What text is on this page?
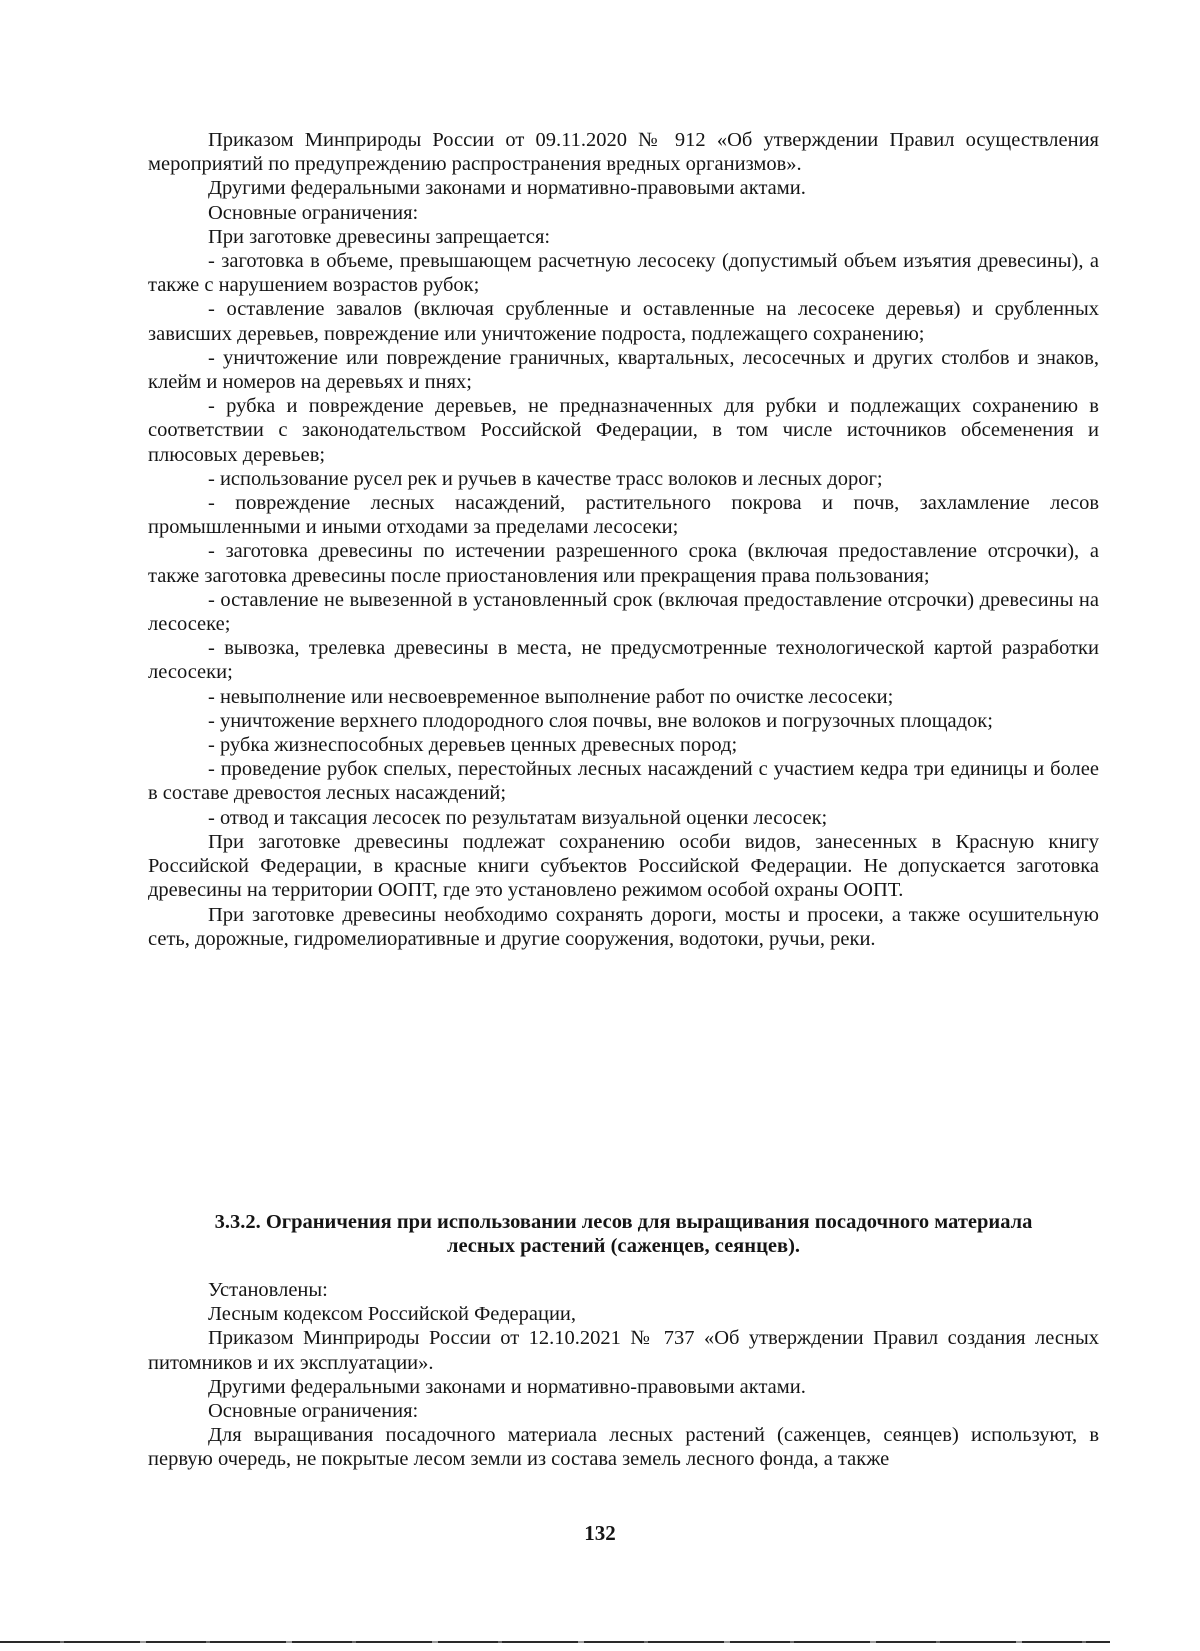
Приказом Минприроды России от 09.11.2020 № 912 «Об утверждении Правил осуществления мероприятий по предупреждению распространения вредных организмов».

Другими федеральными законами и нормативно-правовыми актами.

Основные ограничения:

При заготовке древесины запрещается:

- заготовка в объеме, превышающем расчетную лесосеку (допустимый объем изъятия древесины), а также с нарушением возрастов рубок;

- оставление завалов (включая срубленные и оставленные на лесосеке деревья) и срубленных зависших деревьев, повреждение или уничтожение подроста, подлежащего сохранению;

- уничтожение или повреждение граничных, квартальных, лесосечных и других столбов и знаков, клейм и номеров на деревьях и пнях;

- рубка и повреждение деревьев, не предназначенных для рубки и подлежащих сохранению в соответствии с законодательством Российской Федерации, в том числе источников обсеменения и плюсовых деревьев;

- использование русел рек и ручьев в качестве трасс волоков и лесных дорог;

- повреждение лесных насаждений, растительного покрова и почв, захламление лесов промышленными и иными отходами за пределами лесосеки;

- заготовка древесины по истечении разрешенного срока (включая предоставление отсрочки), а также заготовка древесины после приостановления или прекращения права пользования;

- оставление не вывезенной в установленный срок (включая предоставление отсрочки) древесины на лесосеке;

- вывозка, трелевка древесины в места, не предусмотренные технологической картой разработки лесосеки;

- невыполнение или несвоевременное выполнение работ по очистке лесосеки;

- уничтожение верхнего плодородного слоя почвы, вне волоков и погрузочных площадок;

- рубка жизнеспособных деревьев ценных древесных пород;

- проведение рубок спелых, перестойных лесных насаждений с участием кедра три единицы и более в составе древостоя лесных насаждений;

- отвод и таксация лесосек по результатам визуальной оценки лесосек;

При заготовке древесины подлежат сохранению особи видов, занесенных в Красную книгу Российской Федерации, в красные книги субъектов Российской Федерации. Не допускается заготовка древесины на территории ООПТ, где это установлено режимом особой охраны ООПТ.

При заготовке древесины необходимо сохранять дороги, мосты и просеки, а также осушительную сеть, дорожные, гидромелиоративные и другие сооружения, водотоки, ручьи, реки.

3.3.2. Ограничения при использовании лесов для выращивания посадочного материала

лесных растений (саженцев, сеянцев).

Установлены:

Лесным кодексом Российской Федерации,

Приказом Минприроды России от 12.10.2021 № 737 «Об утверждении Правил создания лесных питомников и их эксплуатации».

Другими федеральными законами и нормативно-правовыми актами.

Основные ограничения:

Для выращивания посадочного материала лесных растений (саженцев, сеянцев) используют, в первую очередь, не покрытые лесом земли из состава земель лесного фонда, а также

132
